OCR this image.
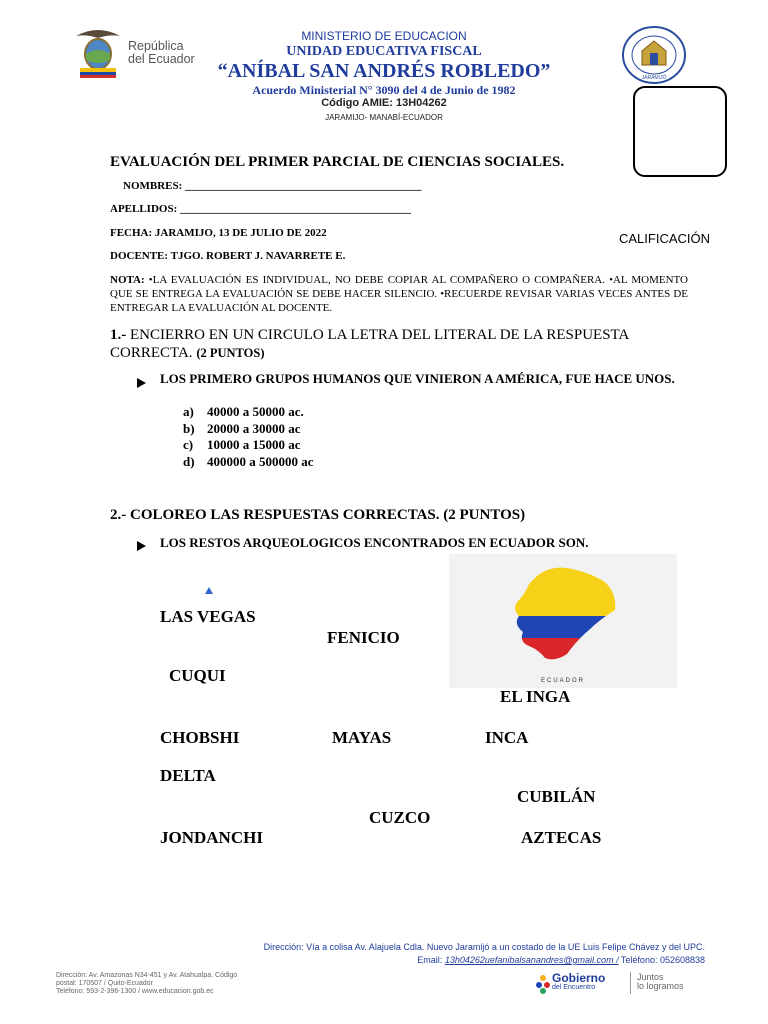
República
del Ecuador
MINISTERIO DE EDUCACION
UNIDAD EDUCATIVA FISCAL
“ANÍBAL SAN ANDRÉS ROBLEDO”
Acuerdo Ministerial N° 3090 del 4 de Junio de 1982
Código AMIE: 13H04262
JARAMIJO- MANABÍ-ECUADOR
JARAMIJÓ
EVALUACIÓN DEL PRIMER PARCIAL DE CIENCIAS SOCIALES.
NOMBRES: ___________________________________________
APELLIDOS: __________________________________________
FECHA: JARAMIJO, 13 DE JULIO DE 2022	CALIFICACIÓN
DOCENTE: TJGO. ROBERT J. NAVARRETE E.
NOTA: •LA EVALUACIÓN ES INDIVIDUAL, NO DEBE COPIAR AL COMPAÑERO O COMPAÑERA. •AL MOMENTO QUE SE ENTREGA LA EVALUACIÓN SE DEBE HACER SILENCIO. •RECUERDE REVISAR VARIAS VECES ANTES DE ENTREGAR LA EVALUACIÓN AL DOCENTE.
1.- ENCIERRO EN UN CIRCULO LA LETRA DEL LITERAL DE LA RESPUESTA CORRECTA. (2 PUNTOS)
LOS PRIMERO GRUPOS HUMANOS QUE VINIERON A AMÉRICA, FUE HACE UNOS.
a) 40000 a 50000 ac.
b) 20000 a 30000 ac
c) 10000 a 15000 ac
d) 400000 a 500000 ac
2.- COLOREO LAS RESPUESTAS CORRECTAS. (2 PUNTOS)
LOS RESTOS ARQUEOLOGICOS ENCONTRADOS EN ECUADOR SON.
ECUADOR
LAS VEGAS
FENICIO
CUQUI
EL INGA
CHOBSHI	MAYAS	INCA
DELTA
CUBILÁN
CUZCO
JONDANCHI	AZTECAS
Dirección: Vía a colisa Av. Alajuela Cdla. Nuevo Jaramijó a un costado de la UE Luis Felipe Chávez y del UPC.
Email: 13h04262uefanibalsanandres@gmail.com / Teléfono: 052608838
Dirección: Av. Amazonas N34-451 y Av. Atahualpa. Código
postal: 170507 / Quito-Ecuador
Teléfono: 593-2-396-1300 / www.educacion.gob.ec
Gobierno
del Encuentro
Juntos
lo logramos
